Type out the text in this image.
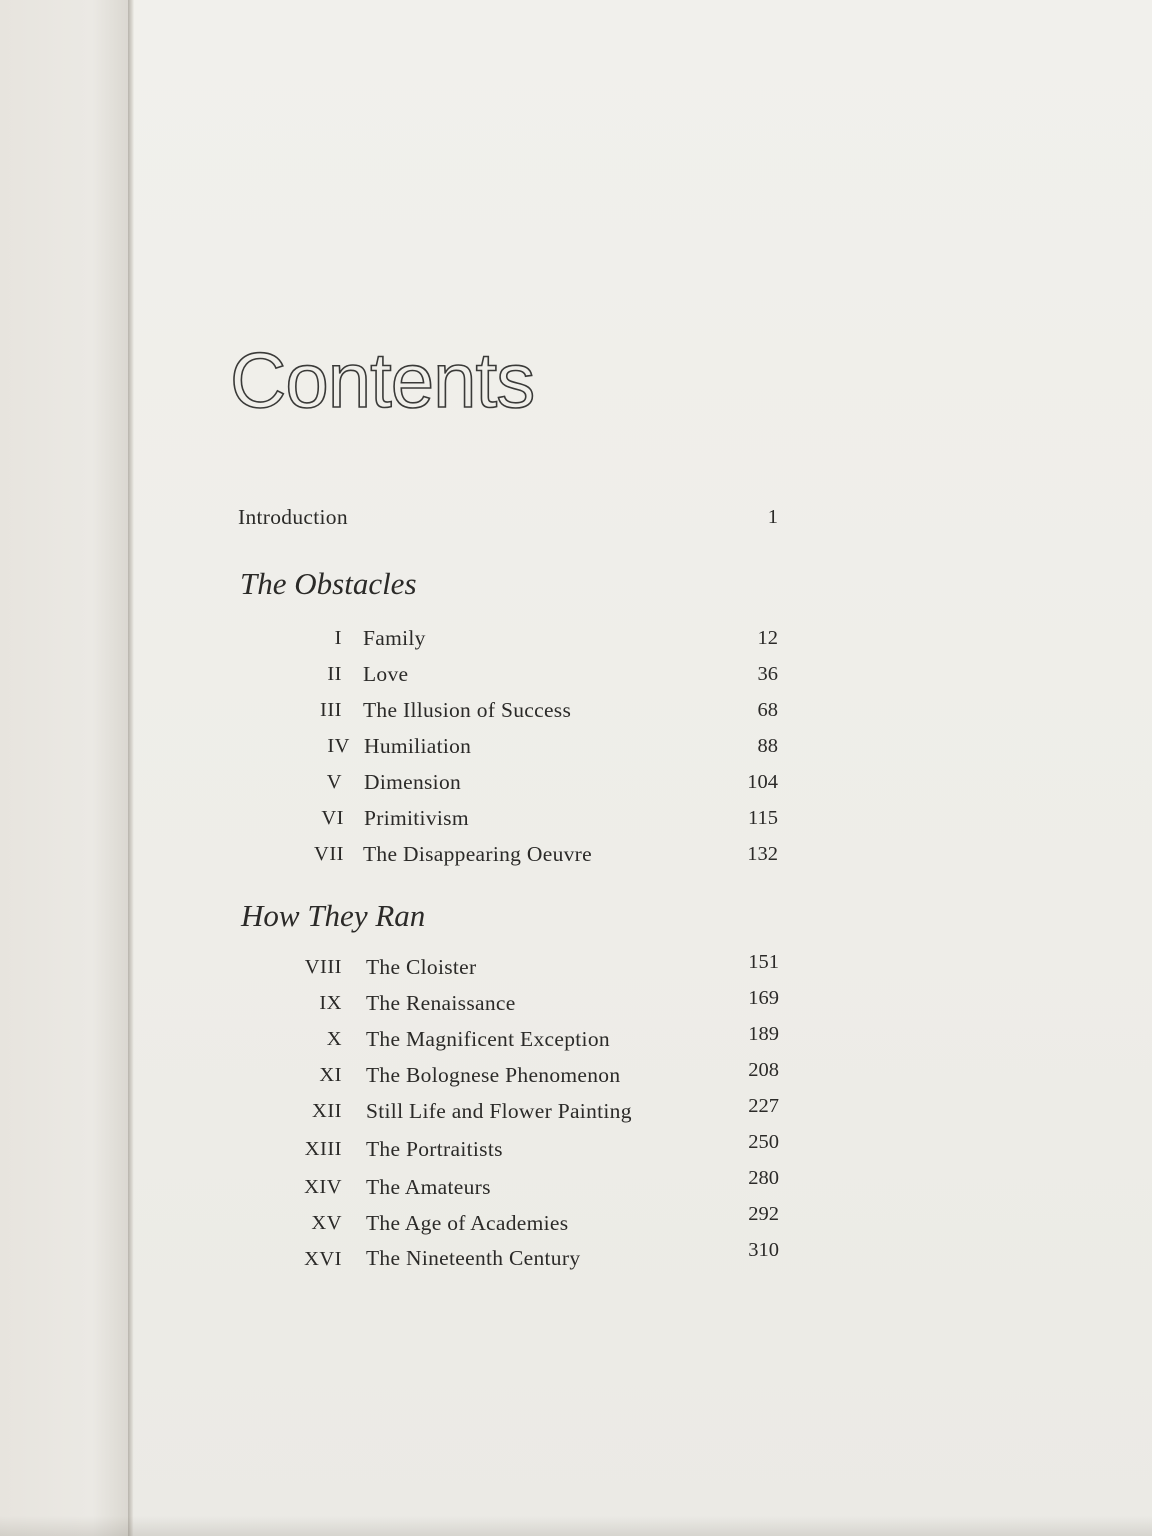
Contents
Introduction	1
The Obstacles
I Family	12
II Love	36
III The Illusion of Success	68
IV Humiliation	88
V Dimension	104
VI Primitivism	115
VII The Disappearing Oeuvre	132
How They Ran
VIII The Cloister	151
IX The Renaissance	169
X The Magnificent Exception	189
XI The Bolognese Phenomenon	208
XII Still Life and Flower Painting	227
XIII The Portraitists	250
XIV The Amateurs	280
XV The Age of Academies	292
XVI The Nineteenth Century	310
